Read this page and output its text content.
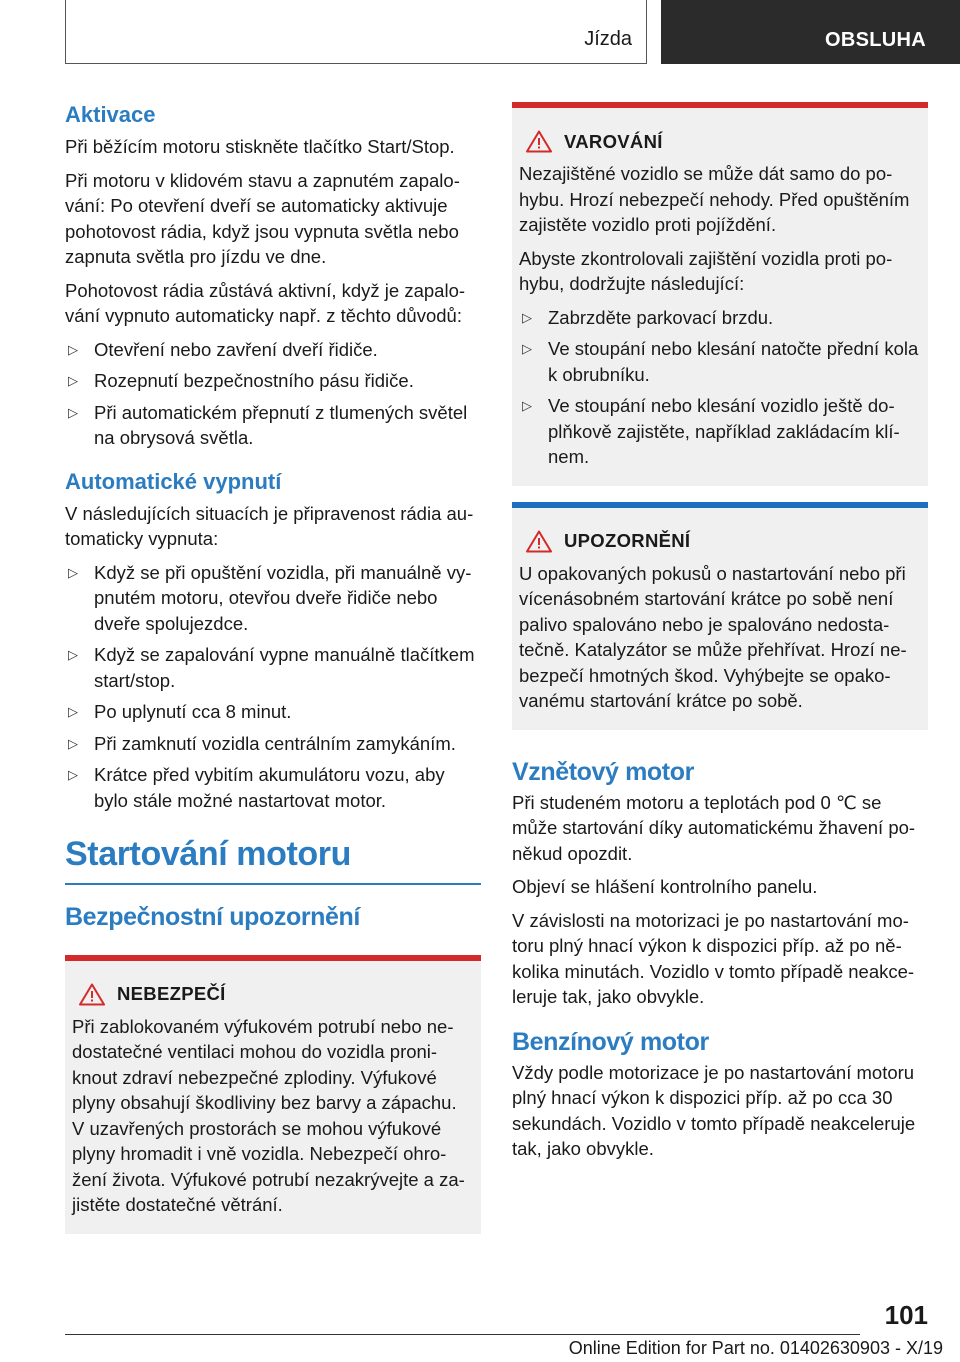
Jízda	OBSLUHA
Aktivace

Při běžícím motoru stiskněte tlačítko Start/Stop.

Při motoru v klidovém stavu a zapnutém zapalování: Po otevření dveří se automaticky aktivuje pohotovost rádia, když jsou vypnuta světla nebo zapnuta světla pro jízdu ve dne.

Pohotovost rádia zůstává aktivní, když je zapalování vypnuto automaticky např. z těchto důvodů:

▷ Otevření nebo zavření dveří řidiče.
▷ Rozepnutí bezpečnostního pásu řidiče.
▷ Při automatickém přepnutí z tlumených světel na obrysová světla.
Automatické vypnutí

V následujících situacích je připravenost rádia automaticky vypnuta:

▷ Když se při opuštění vozidla, při manuálně vypnutém motoru, otevřou dveře řidiče nebo dveře spolujezdce.
▷ Když se zapalování vypne manuálně tlačítkem start/stop.
▷ Po uplynutí cca 8 minut.
▷ Při zamknutí vozidla centrálním zamykáním.
▷ Krátce před vybitím akumulátoru vozu, aby bylo stále možné nastartovat motor.
Startování motoru
Bezpečnostní upozornění
NEBEZPEČÍ

Při zablokovaném výfukovém potrubí nebo nedostatečné ventilaci mohou do vozidla proniknout zdraví nebezpečné zplodiny. Výfukové plyny obsahují škodliviny bez barvy a zápachu. V uzavřených prostorách se mohou výfukové plyny hromadit i vně vozidla. Nebezpečí ohrožení života. Výfukové potrubí nezakrývejte a zajistěte dostatečné větrání.

VAROVÁNÍ

Nezajištěné vozidlo se může dát samo do pohybu. Hrozí nebezpečí nehody. Před opuštěním zajistěte vozidlo proti pojíždění.

Abyste zkontrolovali zajištění vozidla proti pohybu, dodržujte následující:

▷ Zabrzděte parkovací brzdu.
▷ Ve stoupání nebo klesání natočte přední kola k obrubníku.
▷ Ve stoupání nebo klesání vozidlo ještě doplňkově zajistěte, například zakládacím klínem.
UPOZORNĚNÍ

U opakovaných pokusů o nastartování nebo při vícenásobném startování krátce po sobě není palivo spalováno nebo je spalováno nedostatečně. Katalyzátor se může přehřívat. Hrozí nebezpečí hmotných škod. Vyhýbejte se opakovanému startování krátce po sobě.

Vznětový motor

Při studeném motoru a teplotách pod 0 ℃ se může startování díky automatickému žhavení poněkud opozdit.

Objeví se hlášení kontrolního panelu.

V závislosti na motorizaci je po nastartování motoru plný hnací výkon k dispozici příp. až po několika minutách. Vozidlo v tomto případě neakceleruje tak, jako obvykle.

Benzínový motor

Vždy podle motorizace je po nastartování motoru plný hnací výkon k dispozici příp. až po cca 30 sekundách. Vozidlo v tomto případě neakceleruje tak, jako obvykle.

101
Online Edition for Part no. 01402630903 - X/19
